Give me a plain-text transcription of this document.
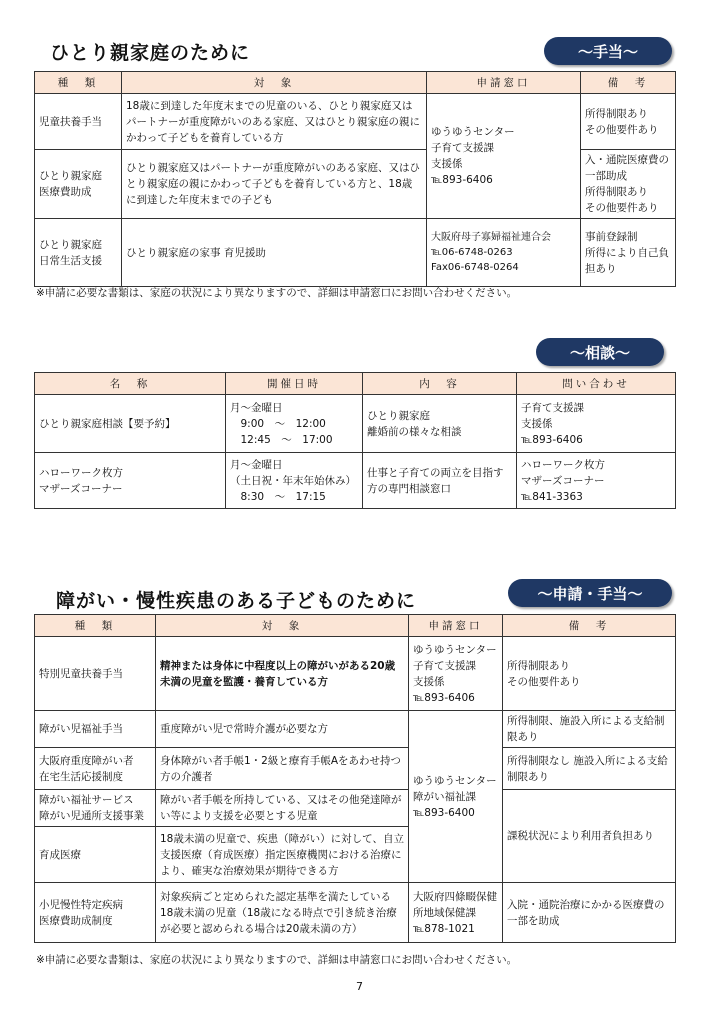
ひとり親家庭のために	～手当～
種　類	対　象	申請窓口	備　考
児童扶養手当	18歳に到達した年度末までの児童のいる、ひとり親家庭又はパートナーが重度障がいのある家庭、又はひとり親家庭の親にかわって子どもを養育している方	ゆうゆうセンター
子育て支援課
支援係
℡893-6406	所得制限あり
その他要件あり
ひとり親家庭
医療費助成	ひとり親家庭又はパートナーが重度障がいのある家庭、又はひとり親家庭の親にかわって子どもを養育している方と、18歳に到達した年度末までの子ども		入・通院医療費の一部助成
所得制限あり
その他要件あり
ひとり親家庭
日常生活支援	ひとり親家庭の家事 育児援助	大阪府母子寡婦福祉連合会
℡06-6748-0263
Fax06-6748-0264	事前登録制
所得により自己負担あり
※申請に必要な書類は、家庭の状況により異なりますので、詳細は申請窓口にお問い合わせください。
～相談～
名　称	開催日時	内　容	問い合わせ
ひとり親家庭相談【要予約】	月～金曜日
　9:00　～　12:00
　12:45　～　17:00	ひとり親家庭
離婚前の様々な相談	子育て支援課
支援係
℡893-6406
ハローワーク枚方
マザーズコーナー	月～金曜日
（土日祝・年末年始休み）
　8:30　～　17:15	仕事と子育ての両立を目指す方の専門相談窓口	ハローワーク枚方
マザーズコーナー
℡841-3363
障がい・慢性疾患のある子どものために	～申請・手当～
種　類	対　象	申請窓口	備　考
特別児童扶養手当	精神または身体に中程度以上の障がいがある20歳未満の児童を監護・養育している方	ゆうゆうセンター
子育て支援課
支援係
℡893-6406	所得制限あり
その他要件あり
障がい児福祉手当	重度障がい児で常時介護が必要な方	ゆうゆうセンター
障がい福祉課
℡893-6400	所得制限、施設入所による支給制限あり
大阪府重度障がい者
在宅生活応援制度	身体障がい者手帳1・2級と療育手帳Aをあわせ持つ方の介護者		所得制限なし 施設入所による支給制限あり
障がい福祉サービス
障がい児通所支援事業	障がい者手帳を所持している、又はその他発達障がい等により支援を必要とする児童		課税状況により利用者負担あり
育成医療	18歳未満の児童で、疾患（障がい）に対して、自立支援医療（育成医療）指定医療機関における治療により、確実な治療効果が期待できる方		
小児慢性特定疾病
医療費助成制度	対象疾病ごと定められた認定基準を満たしている18歳未満の児童（18歳になる時点で引き続き治療が必要と認められる場合は20歳未満の方）	大阪府四條畷保健所地域保健課
℡878-1021	入院・通院治療にかかる医療費の一部を助成
※申請に必要な書類は、家庭の状況により異なりますので、詳細は申請窓口にお問い合わせください。
7
